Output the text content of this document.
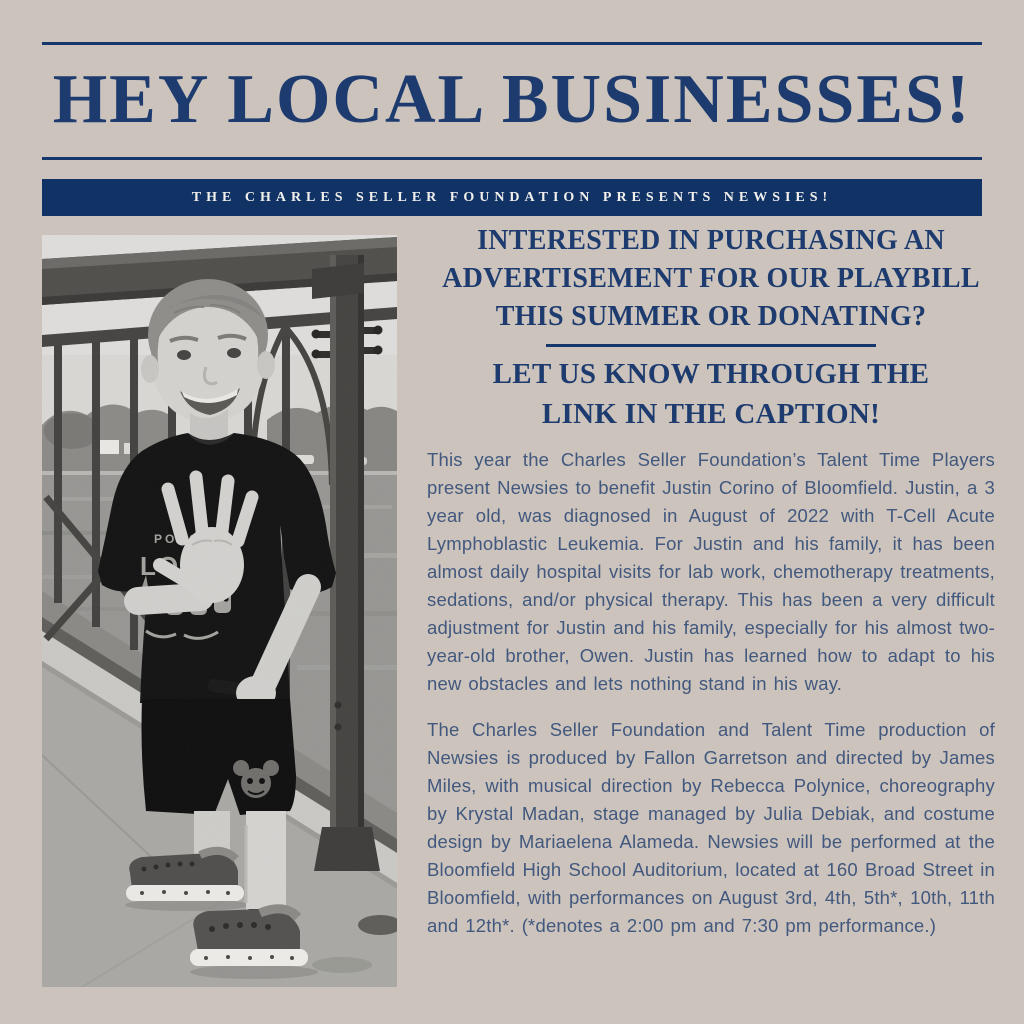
HEY LOCAL BUSINESSES!
THE CHARLES SELLER FOUNDATION PRESENTS NEWSIES!
INTERESTED IN PURCHASING AN
ADVERTISEMENT FOR OUR PLAYBILL
THIS SUMMER OR DONATING?
LET US KNOW THROUGH THE
LINK IN THE CAPTION!

This year the Charles Seller Foundation’s Talent Time Players present Newsies to benefit Justin Corino of Bloomfield. Justin, a 3 year old, was diagnosed in August of 2022 with T-Cell Acute Lymphoblastic Leukemia. For Justin and his family, it has been almost daily hospital visits for lab work, chemotherapy treatments, sedations, and/or physical therapy. This has been a very difficult adjustment for Justin and his family, especially for his almost two-year-old brother, Owen. Justin has learned how to adapt to his new obstacles and lets nothing stand in his way.

The Charles Seller Foundation and Talent Time production of Newsies is produced by Fallon Garretson and directed by James Miles, with musical direction by Rebecca Polynice, choreography by Krystal Madan, stage managed by Julia Debiak, and costume design by Mariaelena Alameda. Newsies will be performed at the Bloomfield High School Auditorium, located at 160 Broad Street in Bloomfield, with performances on August 3rd, 4th, 5th*, 10th, 11th and 12th*. (*denotes a 2:00 pm and 7:30 pm performance.)
